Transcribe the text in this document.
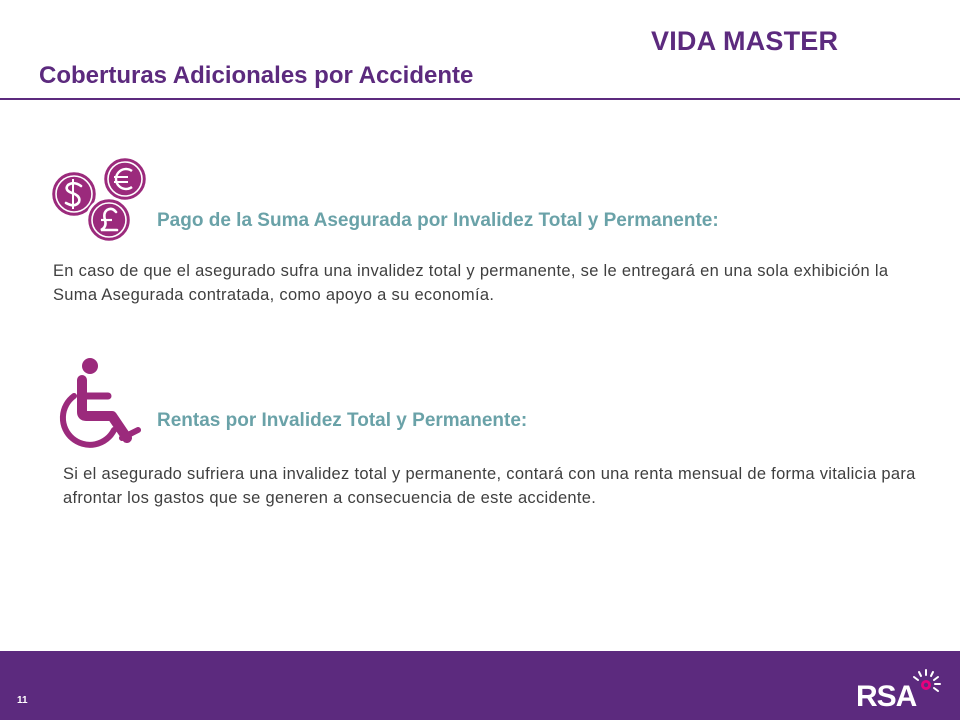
VIDA MASTER
Coberturas Adicionales por Accidente
Pago de la Suma Asegurada por Invalidez Total y Permanente:
En caso de que el asegurado sufra una invalidez total y permanente, se le entregará en una sola exhibición la Suma Asegurada contratada, como apoyo a su economía.
Rentas por Invalidez Total y Permanente:
Si el asegurado sufriera una invalidez total y permanente, contará con una renta mensual de forma vitalicia para afrontar los gastos que se generen a consecuencia de este accidente.
11	RSA
